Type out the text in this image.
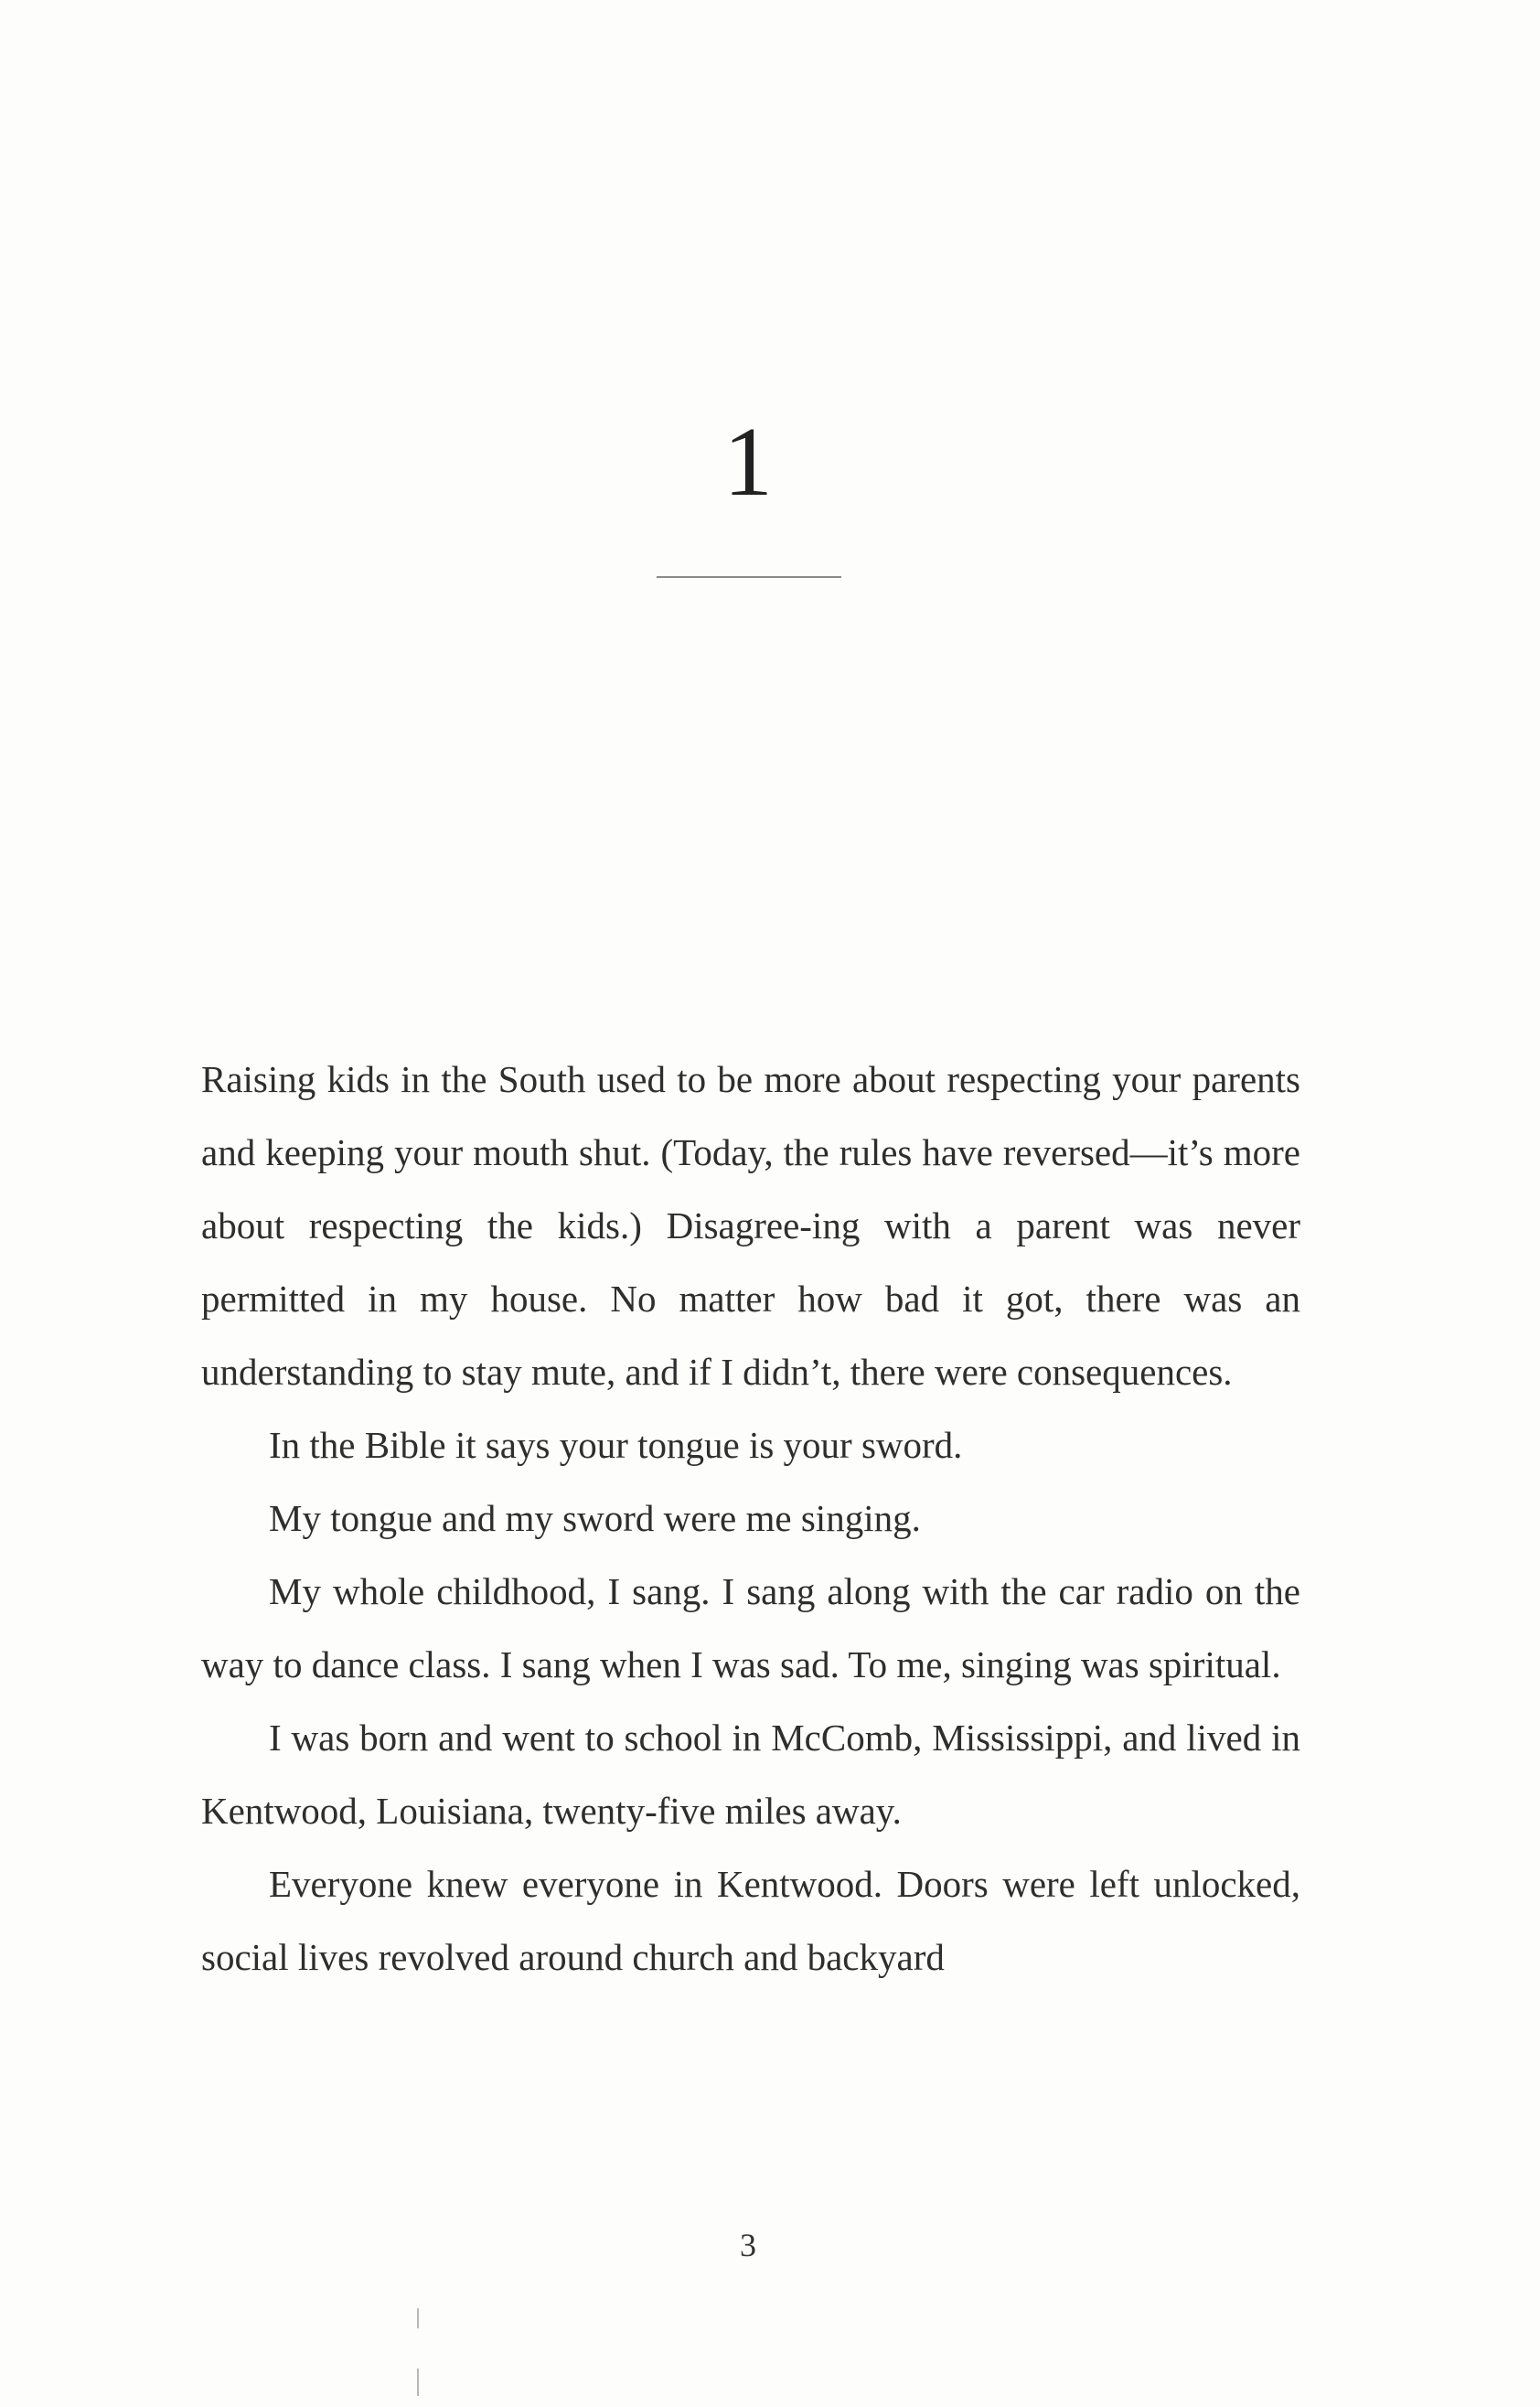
1

Raising kids in the South used to be more about respecting your parents and keeping your mouth shut. (Today, the rules have reversed—it’s more about respecting the kids.) Disagree-ing with a parent was never permitted in my house. No matter how bad it got, there was an understanding to stay mute, and if I didn’t, there were consequences.

In the Bible it says your tongue is your sword.

My tongue and my sword were me singing.

My whole childhood, I sang. I sang along with the car radio on the way to dance class. I sang when I was sad. To me, singing was spiritual.

I was born and went to school in McComb, Mississippi, and lived in Kentwood, Louisiana, twenty-five miles away.

Everyone knew everyone in Kentwood. Doors were left unlocked, social lives revolved around church and backyard

3
